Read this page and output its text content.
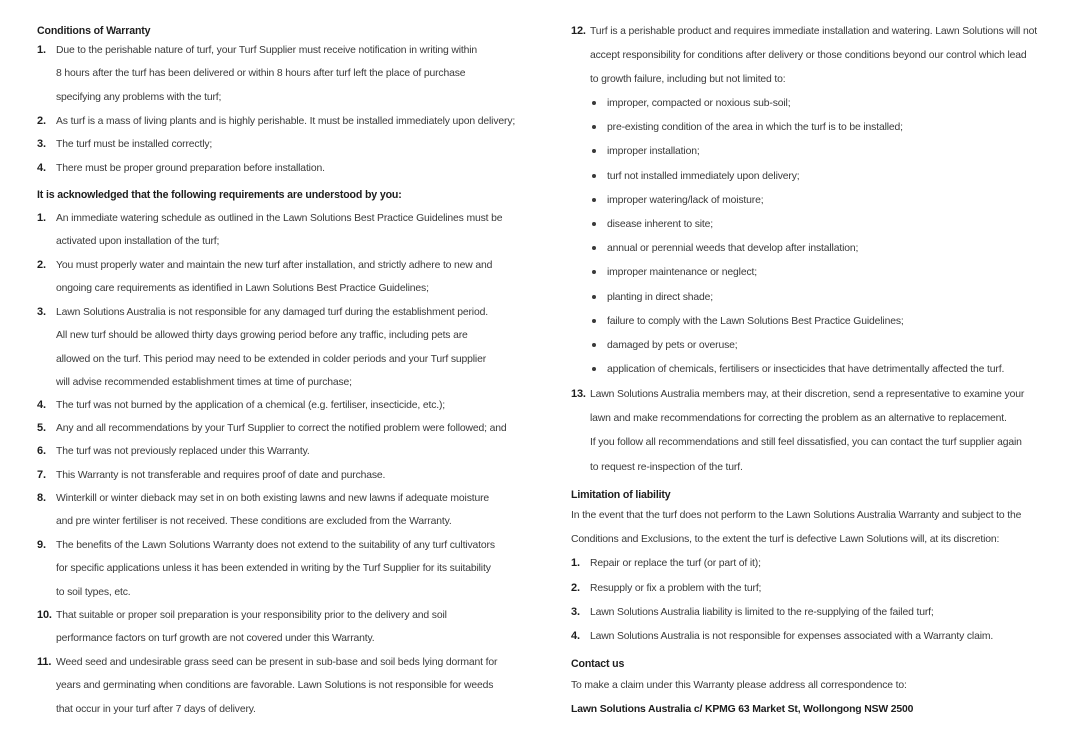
Conditions of Warranty
1. Due to the perishable nature of turf, your Turf Supplier must receive notification in writing within
8 hours after the turf has been delivered or within 8 hours after turf left the place of purchase
specifying any problems with the turf;
2. As turf is a mass of living plants and is highly perishable. It must be installed immediately upon delivery;
3. The turf must be installed correctly;
4. There must be proper ground preparation before installation.
It is acknowledged that the following requirements are understood by you:
1. An immediate watering schedule as outlined in the Lawn Solutions Best Practice Guidelines must be
activated upon installation of the turf;
2. You must properly water and maintain the new turf after installation, and strictly adhere to new and
ongoing care requirements as identified in Lawn Solutions Best Practice Guidelines;
3. Lawn Solutions Australia is not responsible for any damaged turf during the establishment period.
All new turf should be allowed thirty days growing period before any traffic, including pets are
allowed on the turf. This period may need to be extended in colder periods and your Turf supplier
will advise recommended establishment times at time of purchase;
4. The turf was not burned by the application of a chemical (e.g. fertiliser, insecticide, etc.);
5. Any and all recommendations by your Turf Supplier to correct the notified problem were followed; and
6. The turf was not previously replaced under this Warranty.
7. This Warranty is not transferable and requires proof of date and purchase.
8. Winterkill or winter dieback may set in on both existing lawns and new lawns if adequate moisture
and pre winter fertiliser is not received. These conditions are excluded from the Warranty.
9. The benefits of the Lawn Solutions Warranty does not extend to the suitability of any turf cultivators
for specific applications unless it has been extended in writing by the Turf Supplier for its suitability
to soil types, etc.
10. That suitable or proper soil preparation is your responsibility prior to the delivery and soil
performance factors on turf growth are not covered under this Warranty.
11. Weed seed and undesirable grass seed can be present in sub-base and soil beds lying dormant for
years and germinating when conditions are favorable. Lawn Solutions is not responsible for weeds
that occur in your turf after 7 days of delivery.
12. Turf is a perishable product and requires immediate installation and watering. Lawn Solutions will not
accept responsibility for conditions after delivery or those conditions beyond our control which lead
to growth failure, including but not limited to:
improper, compacted or noxious sub-soil;
pre-existing condition of the area in which the turf is to be installed;
improper installation;
turf not installed immediately upon delivery;
improper watering/lack of moisture;
disease inherent to site;
annual or perennial weeds that develop after installation;
improper maintenance or neglect;
planting in direct shade;
failure to comply with the Lawn Solutions Best Practice Guidelines;
damaged by pets or overuse;
application of chemicals, fertilisers or insecticides that have detrimentally affected the turf.
13. Lawn Solutions Australia members may, at their discretion, send a representative to examine your
lawn and make recommendations for correcting the problem as an alternative to replacement.
If you follow all recommendations and still feel dissatisfied, you can contact the turf supplier again
to request re-inspection of the turf.
Limitation of liability
In the event that the turf does not perform to the Lawn Solutions Australia Warranty and subject to the
Conditions and Exclusions, to the extent the turf is defective Lawn Solutions will, at its discretion:
1. Repair or replace the turf (or part of it);
2. Resupply or fix a problem with the turf;
3. Lawn Solutions Australia liability is limited to the re-supplying of the failed turf;
4. Lawn Solutions Australia is not responsible for expenses associated with a Warranty claim.
Contact us
To make a claim under this Warranty please address all correspondence to:
Lawn Solutions Australia c/ KPMG 63 Market St, Wollongong NSW 2500
